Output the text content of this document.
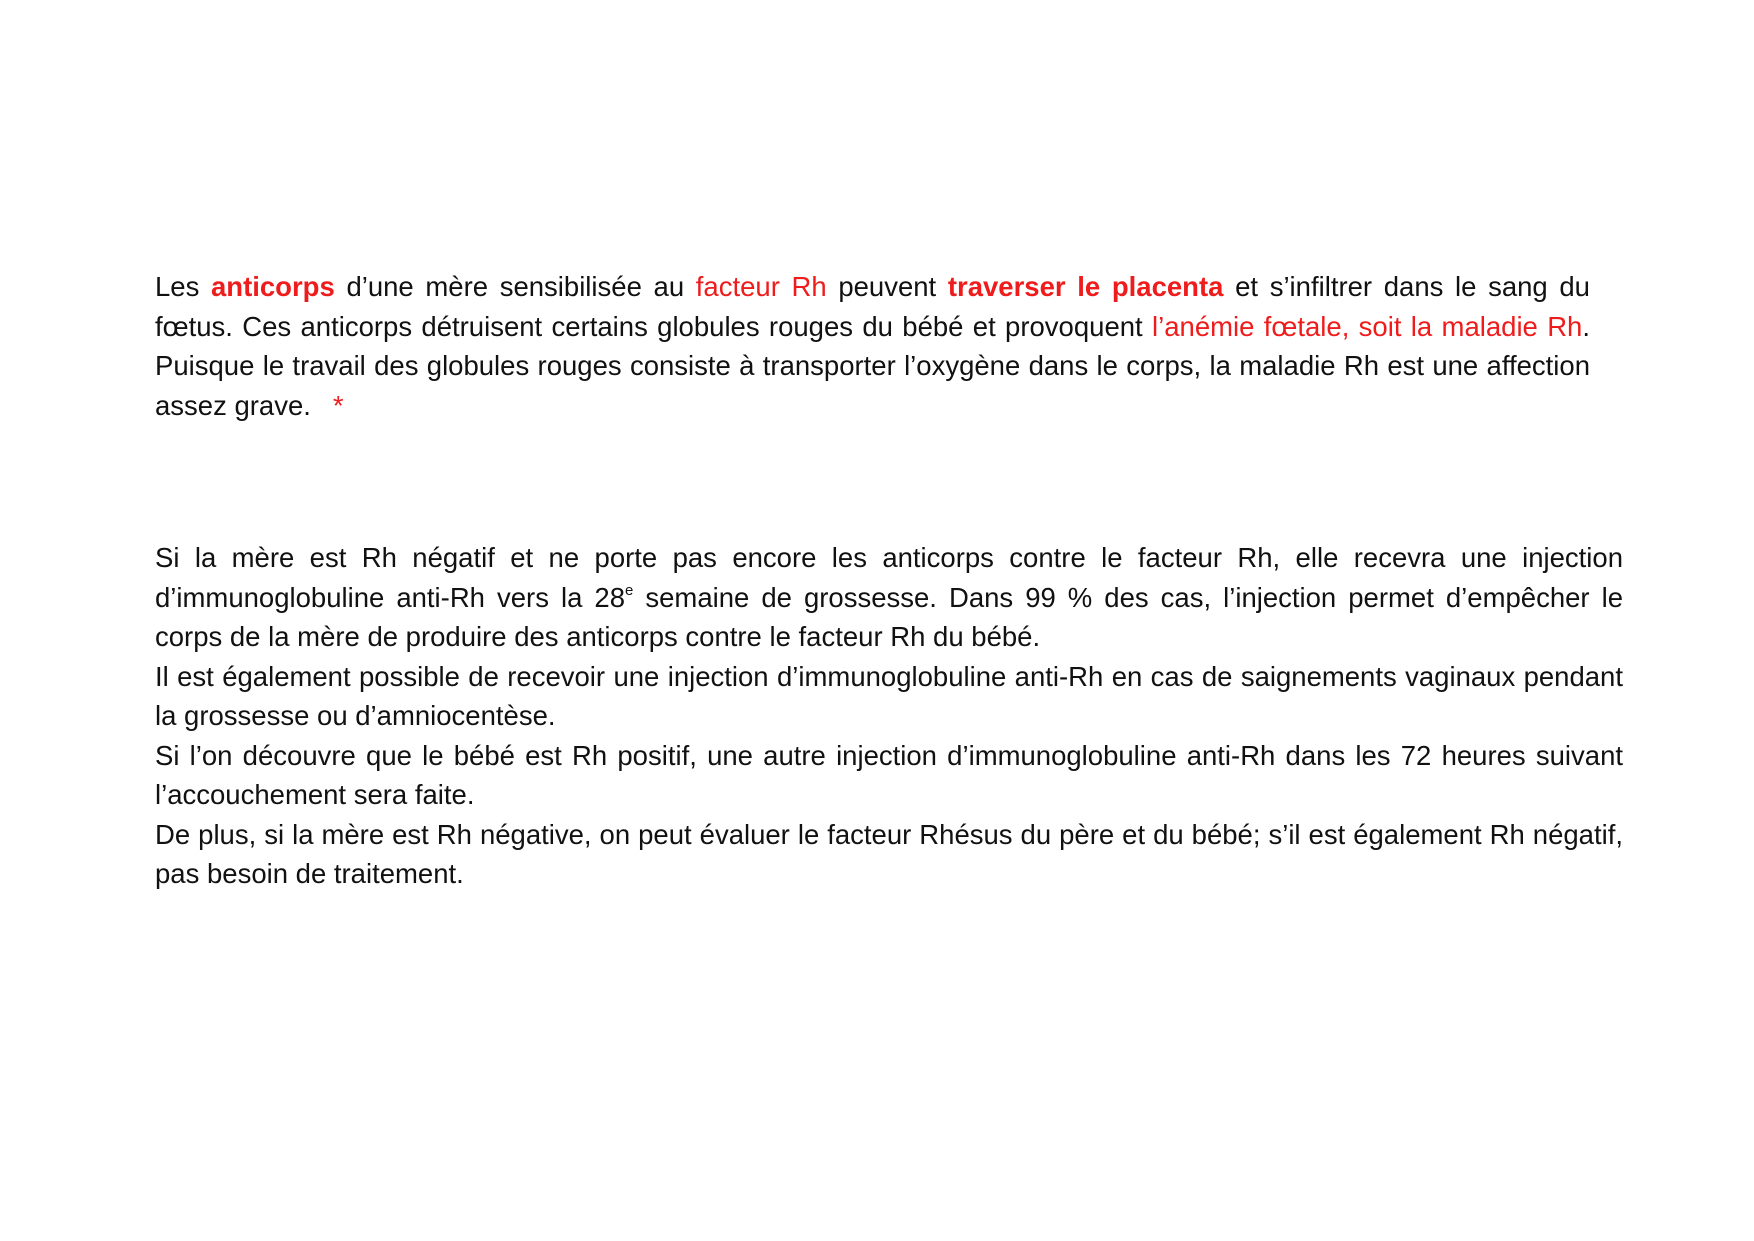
Les anticorps d’une mère sensibilisée au facteur Rh peuvent traverser le placenta et s’infiltrer dans le sang du fœtus. Ces anticorps détruisent certains globules rouges du bébé et provoquent l’anémie fœtale, soit la maladie Rh. Puisque le travail des globules rouges consiste à transporter l’oxygène dans le corps, la maladie Rh est une affection assez grave. *

Si la mère est Rh négatif et ne porte pas encore les anticorps contre le facteur Rh, elle recevra une injection d’immunoglobuline anti-Rh vers la 28e semaine de grossesse. Dans 99 % des cas, l’injection permet d’empêcher le corps de la mère de produire des anticorps contre le facteur Rh du bébé.
Il est également possible de recevoir une injection d’immunoglobuline anti-Rh en cas de saignements vaginaux pendant la grossesse ou d’amniocentèse.
Si l’on découvre que le bébé est Rh positif, une autre injection d’immunoglobuline anti-Rh dans les 72 heures suivant l’accouchement sera faite.
De plus, si la mère est Rh négative, on peut évaluer le facteur Rhésus du père et du bébé; s’il est également Rh négatif, pas besoin de traitement.
